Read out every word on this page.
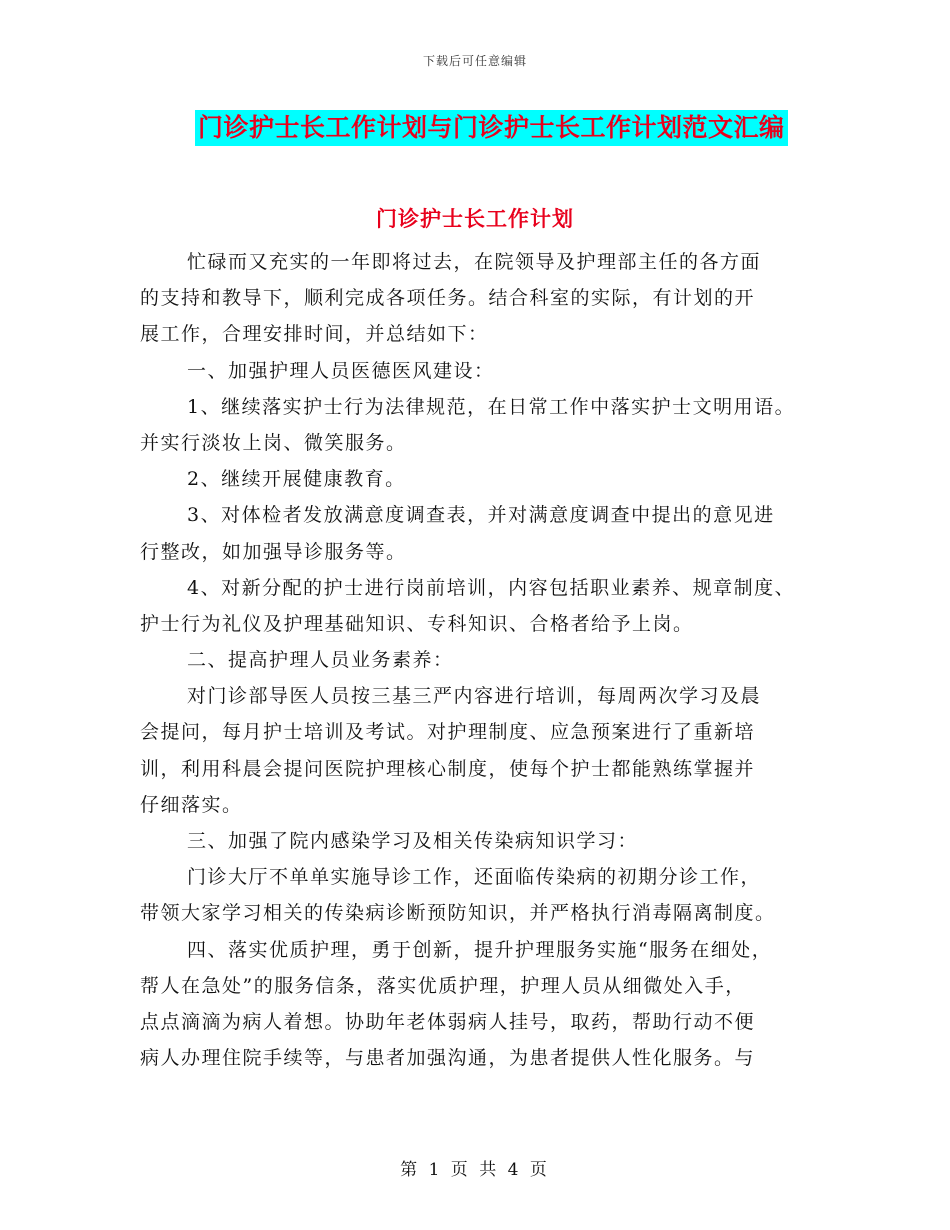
下载后可任意编辑
门诊护士长工作计划与门诊护士长工作计划范文汇编
门诊护士长工作计划
忙碌而又充实的一年即将过去，在院领导及护理部主任的各方面
的支持和教导下，顺利完成各项任务。结合科室的实际，有计划的开
展工作，合理安排时间，并总结如下：
一、加强护理人员医德医风建设：
1、继续落实护士行为法律规范，在日常工作中落实护士文明用语。
并实行淡妆上岗、微笑服务。
2、继续开展健康教育。
3、对体检者发放满意度调查表，并对满意度调查中提出的意见进
行整改，如加强导诊服务等。
4、对新分配的护士进行岗前培训，内容包括职业素养、规章制度、
护士行为礼仪及护理基础知识、专科知识、合格者给予上岗。
二、提高护理人员业务素养：
对门诊部导医人员按三基三严内容进行培训，每周两次学习及晨
会提问，每月护士培训及考试。对护理制度、应急预案进行了重新培
训，利用科晨会提问医院护理核心制度，使每个护士都能熟练掌握并
仔细落实。
三、加强了院内感染学习及相关传染病知识学习：
门诊大厅不单单实施导诊工作，还面临传染病的初期分诊工作，
带领大家学习相关的传染病诊断预防知识，并严格执行消毒隔离制度。
四、落实优质护理，勇于创新，提升护理服务实施“服务在细处，
帮人在急处”的服务信条，落实优质护理，护理人员从细微处入手，
点点滴滴为病人着想。协助年老体弱病人挂号，取药，帮助行动不便
病人办理住院手续等，与患者加强沟通，为患者提供人性化服务。与
第 1 页 共 4 页
